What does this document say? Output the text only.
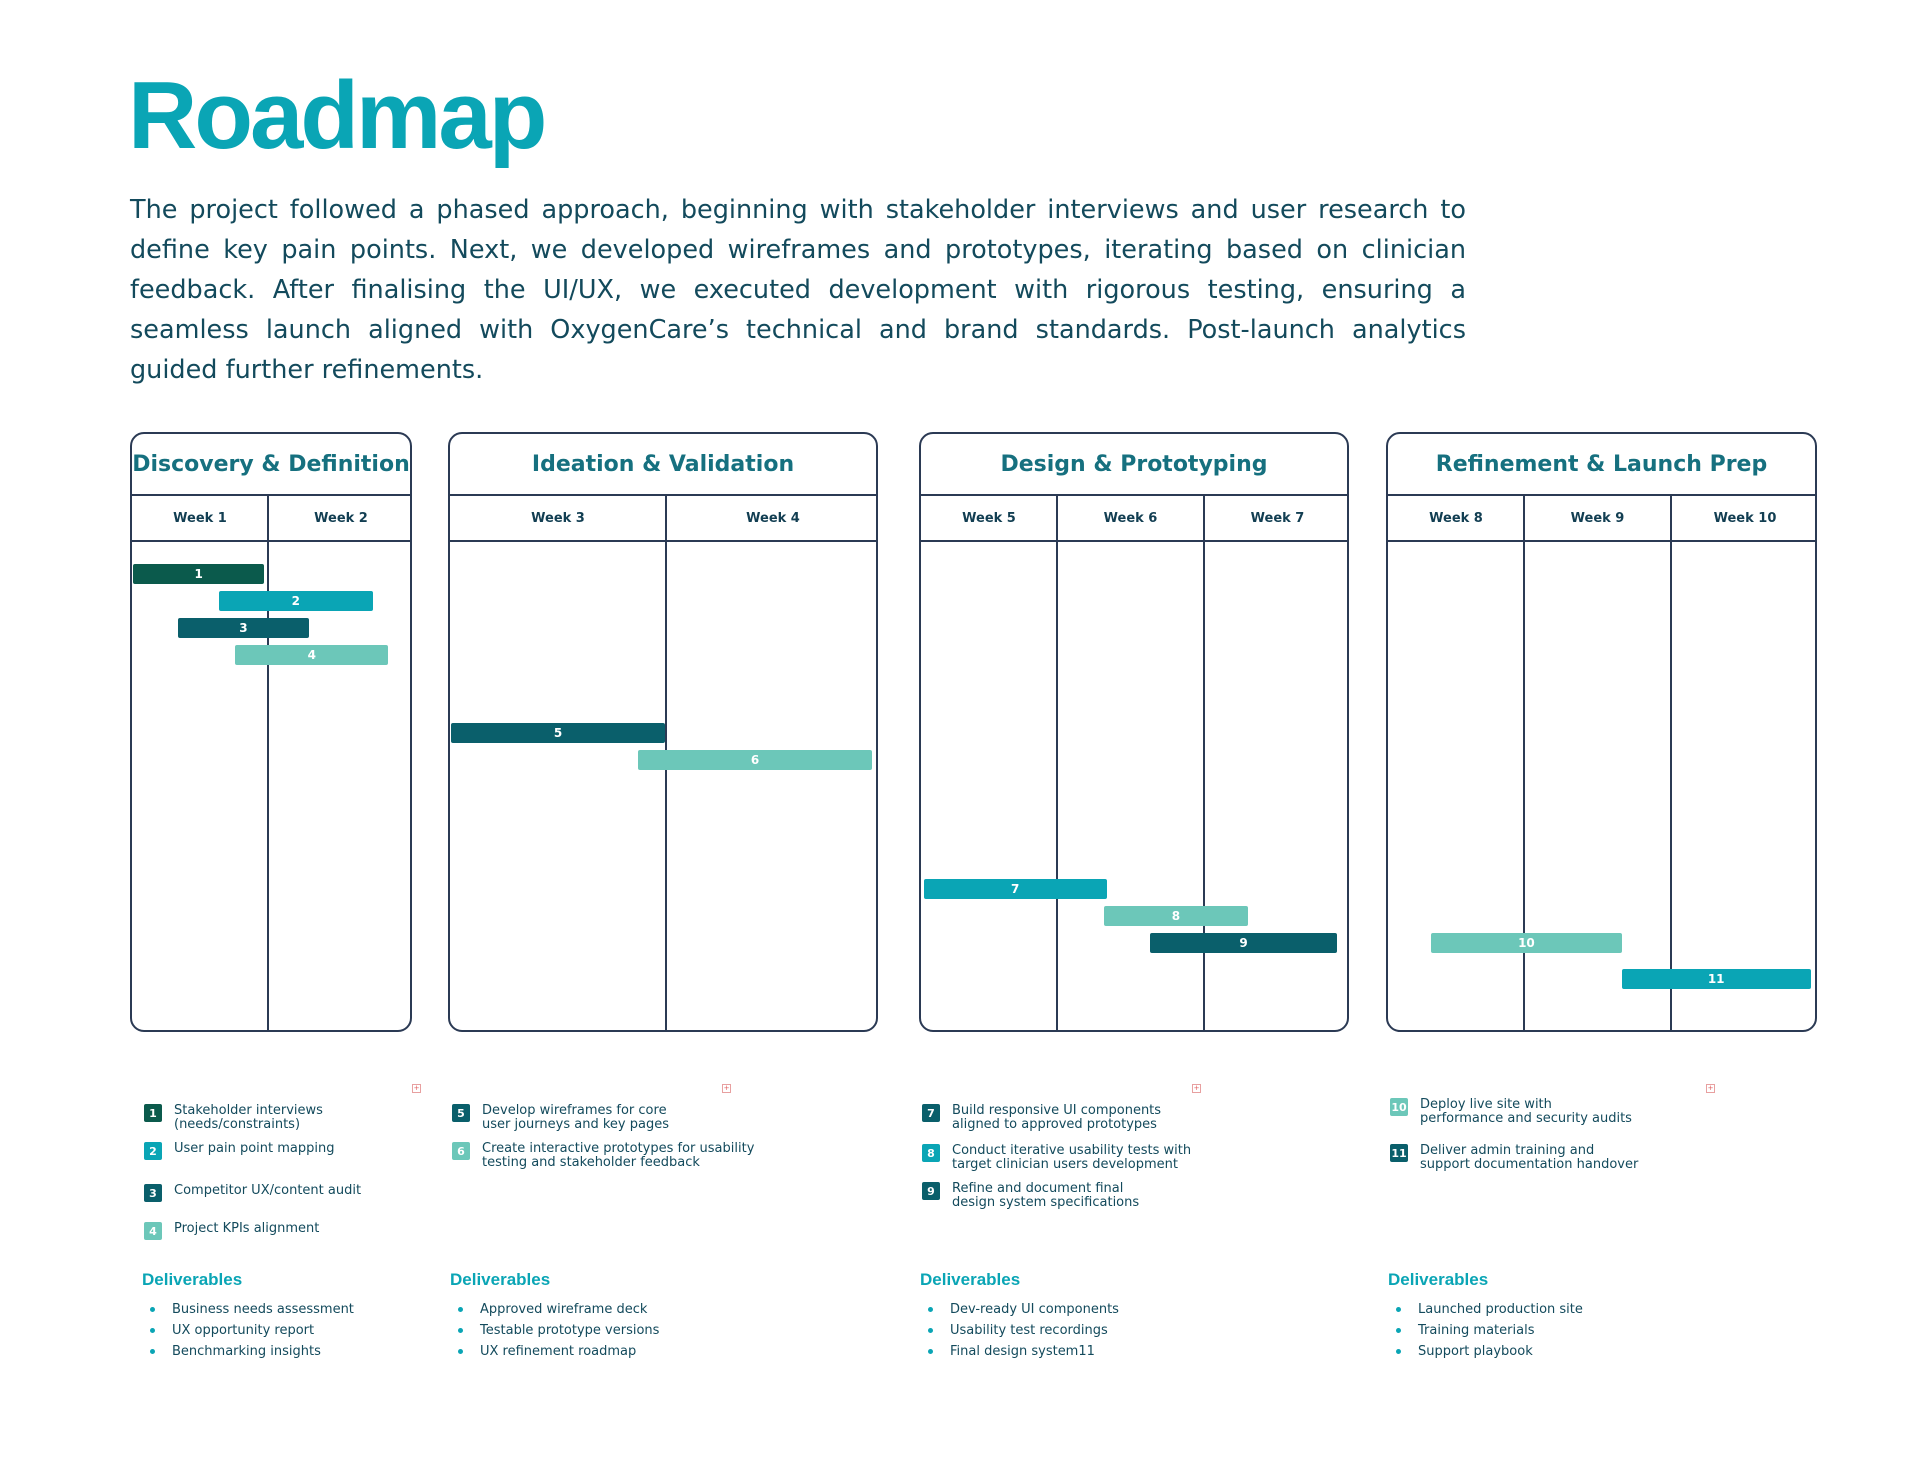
Roadmap

The project followed a phased approach, beginning with stakeholder interviews and user research to define key pain points. Next, we developed wireframes and prototypes, iterating based on clinician feedback. After finalising the UI/UX, we executed development with rigorous testing, ensuring a seamless launch aligned with OxygenCare’s technical and brand standards. Post-launch analytics guided further refinements.

Discovery & Definition
Week 1	Week 2
1
2
3
4
+
1	Stakeholder interviews
(needs/constraints)
2	User pain point mapping
3	Competitor UX/content audit
4	Project KPIs alignment
Deliverables
Business needs assessment
UX opportunity report
Benchmarking insights
Ideation & Validation
Week 3	Week 4
5
6
+
5	Develop wireframes for core
user journeys and key pages
6	Create interactive prototypes for usability
testing and stakeholder feedback
Deliverables
Approved wireframe deck
Testable prototype versions
UX refinement roadmap
Design & Prototyping
Week 5	Week 6	Week 7
7
8
9
+
7	Build responsive UI components
aligned to approved prototypes
8	Conduct iterative usability tests with
target clinician users development
9	Refine and document final
design system specifications
Deliverables
Dev-ready UI components
Usability test recordings
Final design system11
Refinement & Launch Prep
Week 8	Week 9	Week 10
10
11
+
10 Deploy live site with
performance and security audits
11 Deliver admin training and
support documentation handover
Deliverables
Launched production site
Training materials
Support playbook
